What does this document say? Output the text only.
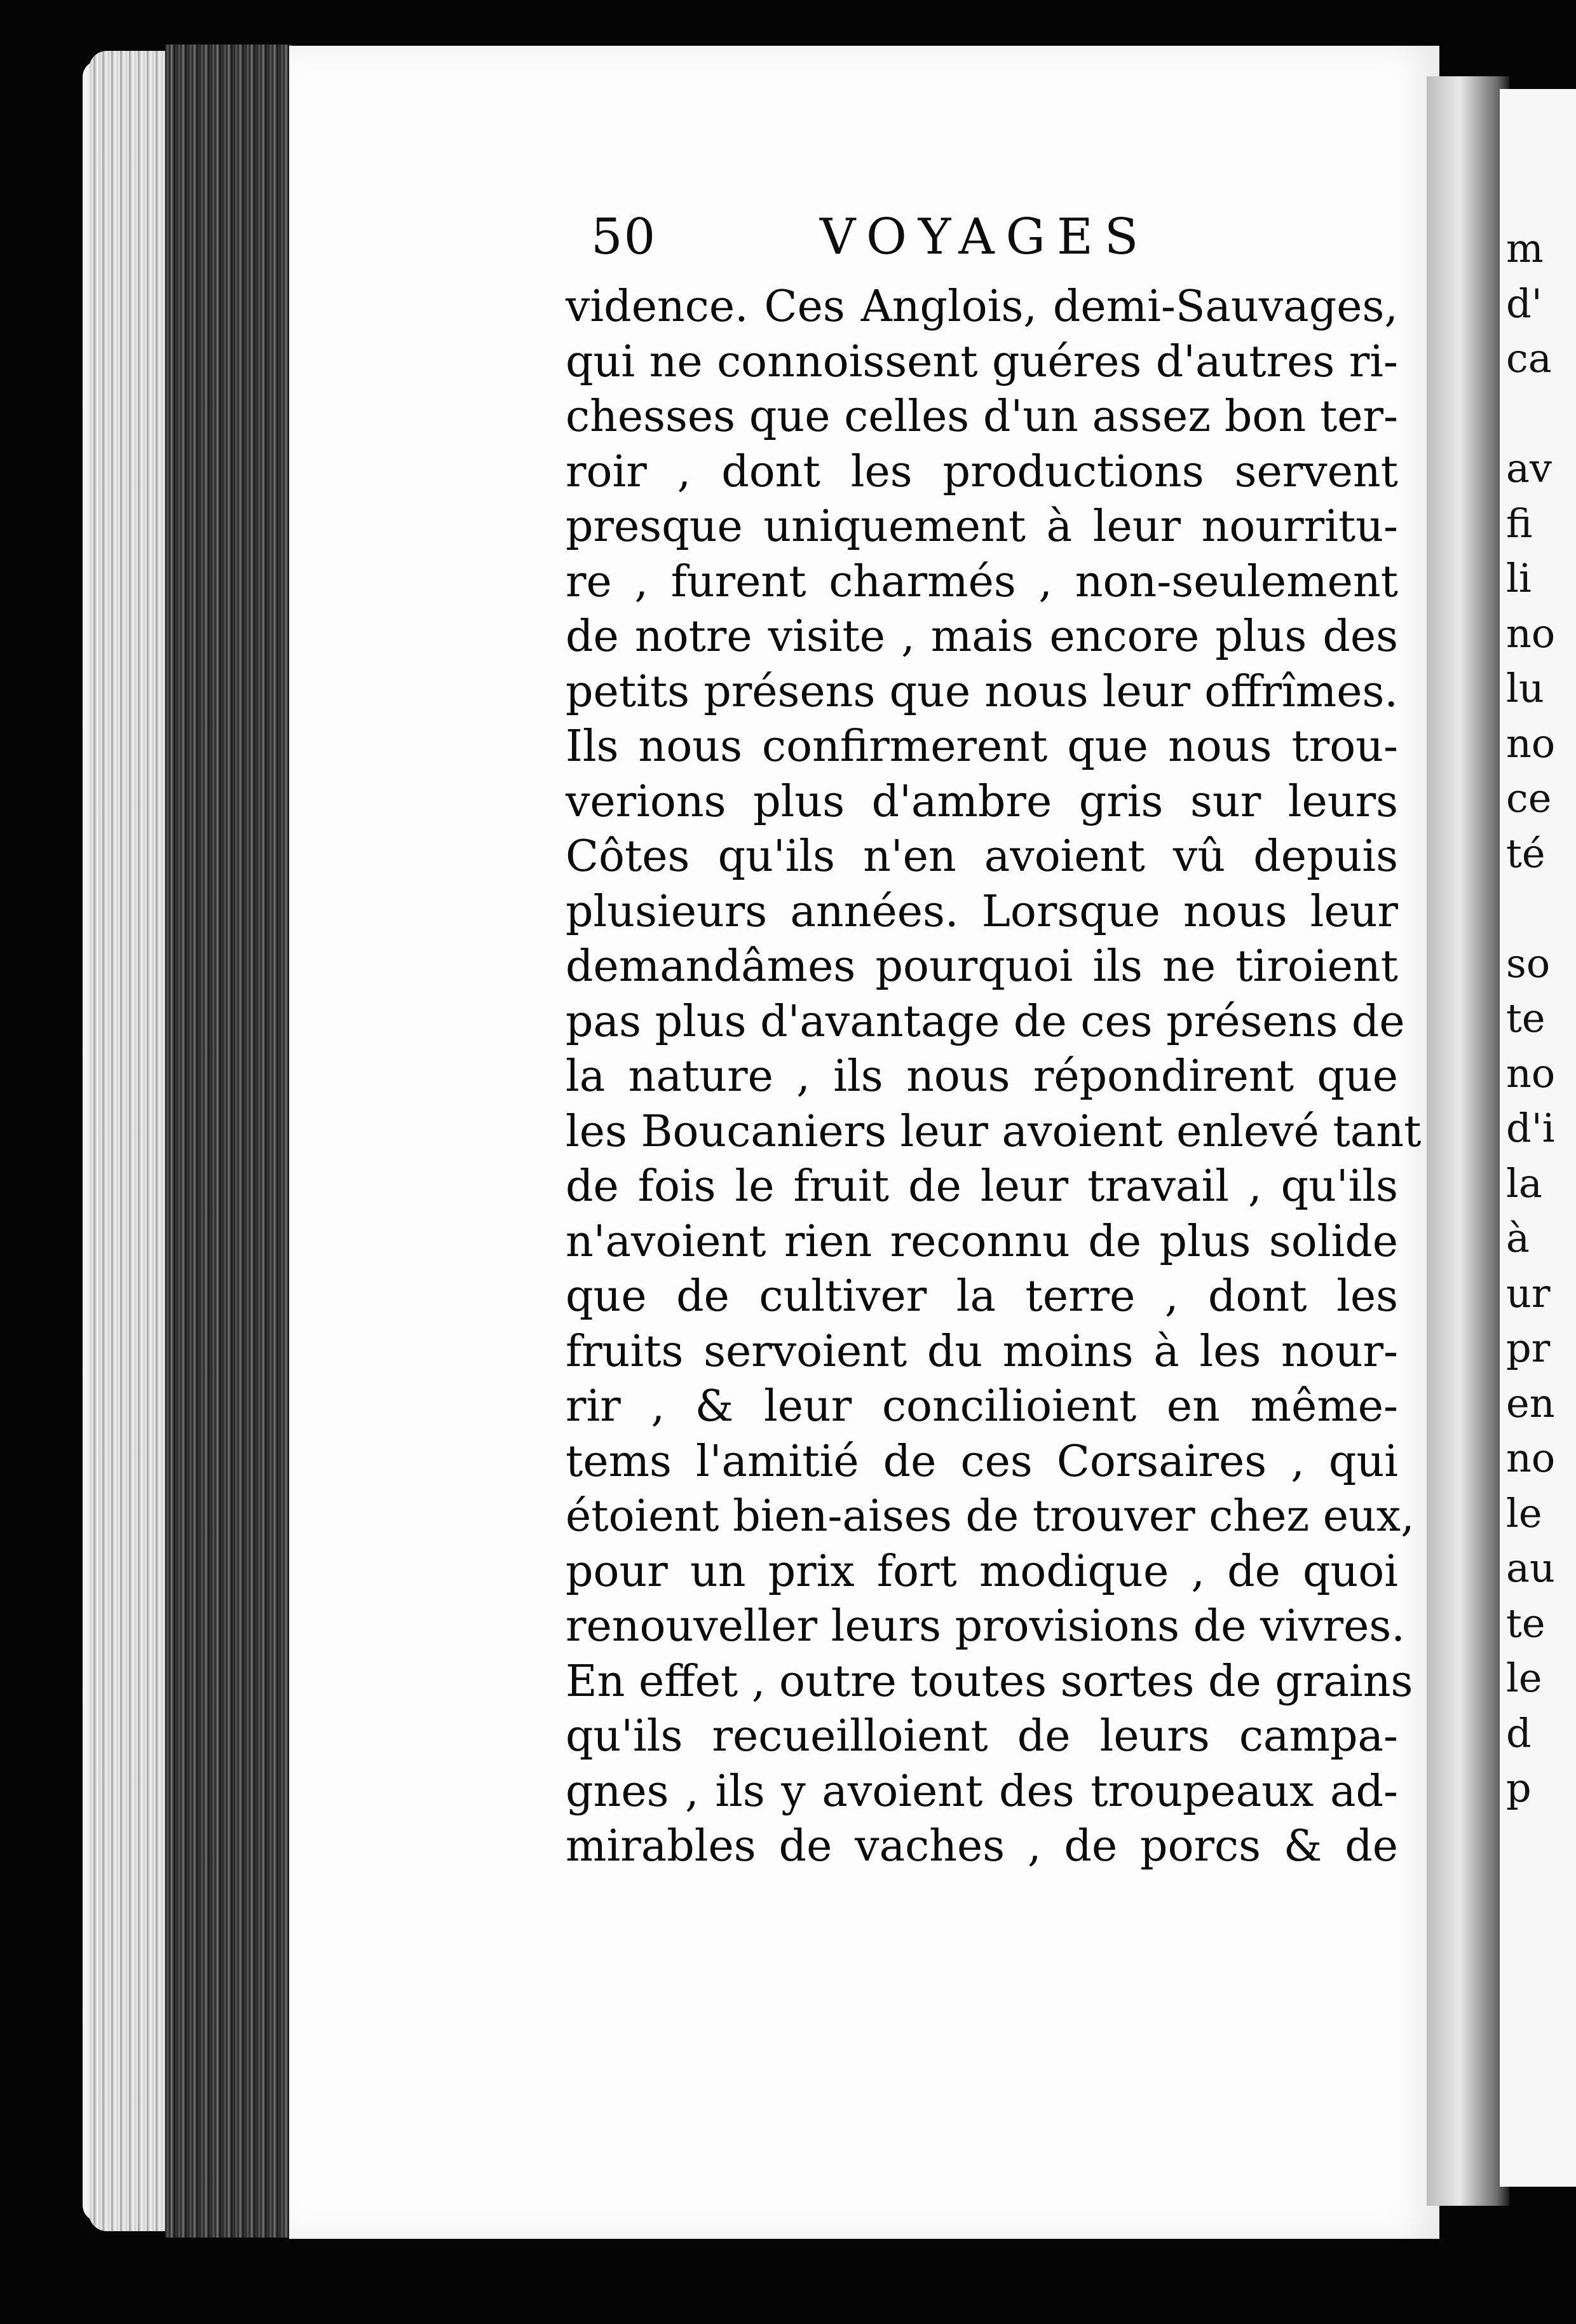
50	VOYAGES
vidence. Ces Anglois, demi-Sauvages,
qui ne connoissent guéres d'autres ri-
chesses que celles d'un assez bon ter-
roir , dont les productions servent
presque uniquement à leur nourritu-
re , furent charmés , non-seulement
de notre visite , mais encore plus des
petits présens que nous leur offrîmes.
Ils nous confirmerent que nous trou-
verions plus d'ambre gris sur leurs
Côtes qu'ils n'en avoient vû depuis
plusieurs années. Lorsque nous leur
demandâmes pourquoi ils ne tiroient
pas plus d'avantage de ces présens de
la nature , ils nous répondirent que
les Boucaniers leur avoient enlevé tant
de fois le fruit de leur travail , qu'ils
n'avoient rien reconnu de plus solide
que de cultiver la terre , dont les
fruits servoient du moins à les nour-
rir , & leur concilioient en même-
tems l'amitié de ces Corsaires , qui
étoient bien-aises de trouver chez eux,
pour un prix fort modique , de quoi
renouveller leurs provisions de vivres.
En effet , outre toutes sortes de grains
qu'ils recueilloient de leurs campa-
gnes , ils y avoient des troupeaux ad-
mirables de vaches , de porcs & de
m
d'
ca
av
fi
li
no
lu
no
ce
té
so
te
no
d'i
la
à
ur
pr
en
no
le
au
te
le
d
p
